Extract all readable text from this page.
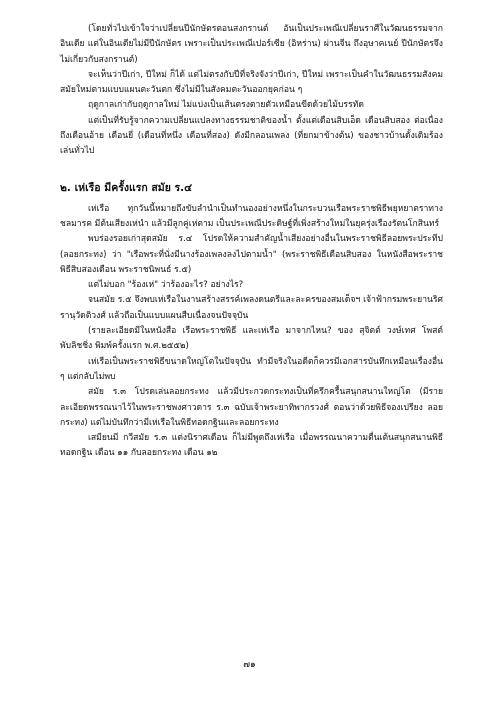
(โดยทั่วไปเข้าใจว่าเปลี่ยนปีนักษัตรตอนสงกรานต์ อันเป็นประเพณีเปลี่ยนราศีในวัฒนธรรมจากอินเดีย แต่ในอินเดียไม่มีปีนักษัตร เพราะเป็นประเพณีเปอร์เซีย (อิหร่าน) ผ่านจีน ถึงอุษาคเนย์ ปีนักษัตรจึงไม่เกี่ยวกับสงกรานต์)

จะเห็นว่าปีเก่า, ปีใหม่ ก็ได้ แต่ไม่ตรงกับปีที่จริงจังว่าปีเก่า, ปีใหม่ เพราะเป็นคำในวัฒนธรรมสังคมสมัยใหม่ตามแบบแผนตะวันตก ซึ่งไม่มีในสังคมตะวันออกยุคก่อน ๆ

ฤดูกาลเก่ากับฤดูกาลใหม่ ไม่แบ่งเป็นเส้นตรงตายตัวเหมือนขีดด้วยไม้บรรทัด

แต่เป็นที่รับรู้จากความเปลี่ยนแปลงทางธรรมชาติของน้ำ ตั้งแต่เดือนสิบเอ็ด เดือนสิบสอง ต่อเนื่องถึงเดือนอ้าย เดือนยี่ (เดือนที่หนึ่ง เดือนที่สอง) ดังมีกลอนเพลง (ที่ยกมาข้างต้น) ของชาวบ้านดั้งเดิมร้องเล่นทั่วไป

๒. เห่เรือ มีครั้งแรก สมัย ร.๔

เห่เรือ ทุกวันนี้หมายถึงขับลำนำเป็นทำนองอย่างหนึ่งในกระบวนเรือพระราชพิธีพยุหยาตราทางชลมารค มีต้นเสียงเห่นำ แล้วมีลูกคู่เห่ตาม เป็นประเพณีประดิษฐ์ที่เพิ่งสร้างใหม่ในยุครุ่งเรืองรัตนโกสินทร์

พบร่องรอยเก่าสุดสมัย ร.๔ โปรดให้ความสำคัญน้ำเสียงอย่างอื่นในพระราชพิธีลอยพระประทีป (ลอยกระทง) ว่า "เรือพระที่นั่งมีนางร้องเพลงลงไปตามน้ำ" (พระราชพิธีเดือนสิบสอง ในหนังสือพระราชพิธีสิบสองเดือน พระราชนิพนธ์ ร.๕)

แต่ไม่บอก "ร้องเห่" ว่าร้องอะไร? อย่างไร?

จนสมัย ร.๕ จึงพบเห่เรือในงานสร้างสรรค์เพลงดนตรีและละครของสมเด็จฯ เจ้าฟ้ากรมพระยานริศรานุวัดติวงศ์ แล้วถือเป็นแบบแผนสืบเนื่องจนปัจจุบัน

(รายละเอียดมีในหนังสือ เรือพระราชพิธี และเห่เรือ มาจากไหน? ของ สุจิตต์ วงษ์เทศ โพสต์ พับลิชชิ่ง พิมพ์ครั้งแรก พ.ศ.๒๕๕๒)

เห่เรือเป็นพระราชพิธีขนาดใหญ่โตในปัจจุบัน ทำมีจริงในอดีตก็ควรมีเอกสารบันทึกเหมือนเรื่องอื่น ๆ แต่กลับไม่พบ

สมัย ร.๓ โปรดเล่นลอยกระทง แล้วมีประกวดกระทงเป็นที่ครึกครื้นสนุกสนานใหญ่โต (มีรายละเอียดพรรณนาไว้ในพระราชพงศาวดาร ร.๓ ฉบับเจ้าพระยาทิพากรวงศ์ ตอนว่าด้วยพิธีจองเปรียง ลอยกระทง) แต่ไม่บันทึกว่ามีเห่เรือในพิธีทอดกฐินและลอยกระทง

เสมียนมี กวีสมัย ร.๓ แต่งนิราศเดือน ก็ไม่มีพูดถึงเห่เรือ เมื่อพรรณนาความตื่นเต้นสนุกสนานพิธีทอดกฐิน เดือน ๑๑ กับลอยกระทง เดือน ๑๒

๗๑
